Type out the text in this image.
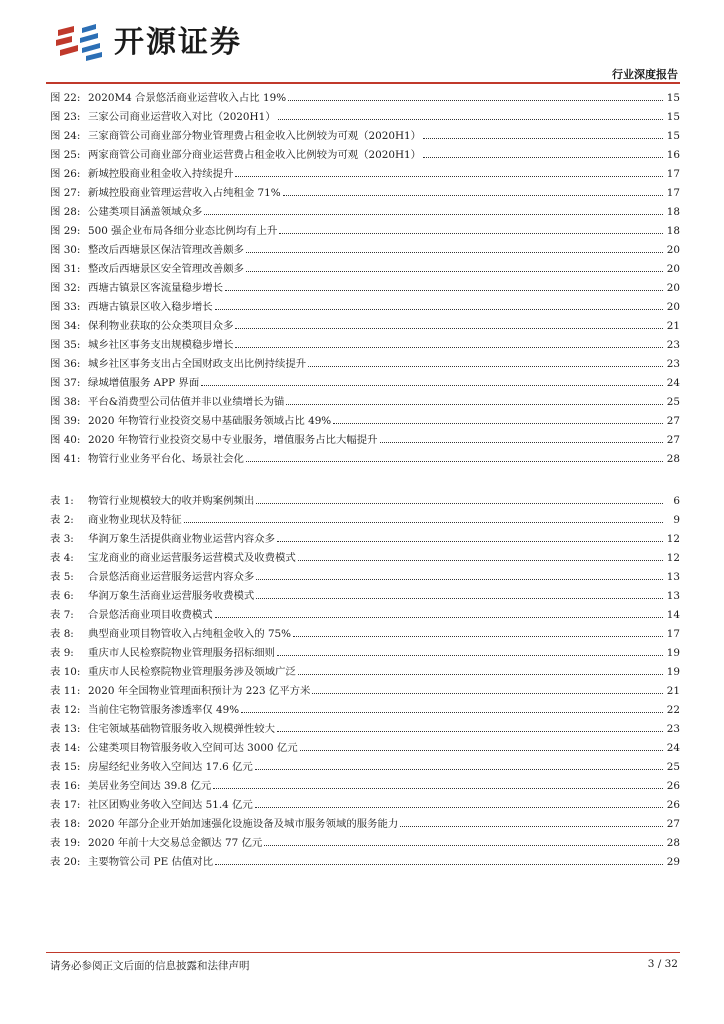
开源证券
行业深度报告
图 22: 2020M4 合景悠活商业运营收入占比 19%	15
图 23: 三家公司商业运营收入对比（2020H1）	15
图 24: 三家商管公司商业部分物业管理费占租金收入比例较为可观（2020H1）	15
图 25: 两家商管公司商业部分商业运营费占租金收入比例较为可观（2020H1）	16
图 26: 新城控股商业租金收入持续提升	17
图 27: 新城控股商业管理运营收入占纯租金 71%	17
图 28: 公建类项目涵盖领域众多	18
图 29: 500 强企业布局各细分业态比例均有上升	18
图 30: 整改后西塘景区保洁管理改善颇多	20
图 31: 整改后西塘景区安全管理改善颇多	20
图 32: 西塘古镇景区客流量稳步增长	20
图 33: 西塘古镇景区收入稳步增长	20
图 34: 保利物业获取的公众类项目众多	21
图 35: 城乡社区事务支出规模稳步增长	23
图 36: 城乡社区事务支出占全国财政支出比例持续提升	23
图 37: 绿城增值服务 APP 界面	24
图 38: 平台&消费型公司估值并非以业绩增长为锚	25
图 39: 2020 年物管行业投资交易中基础服务领域占比 49%	27
图 40: 2020 年物管行业投资交易中专业服务，增值服务占比大幅提升	27
图 41: 物管行业业务平台化、场景社会化	28
表 1:	物管行业规模较大的收并购案例频出	6
表 2:	商业物业现状及特征	9
表 3:	华润万象生活提供商业物业运营内容众多	12
表 4:	宝龙商业的商业运营服务运营模式及收费模式	12
表 5:	合景悠活商业运营服务运营内容众多	13
表 6:	华润万象生活商业运营服务收费模式	13
表 7:	合景悠活商业项目收费模式	14
表 8:	典型商业项目物管收入占纯租金收入的 75%	17
表 9:	重庆市人民检察院物业管理服务招标细则	19
表 10: 重庆市人民检察院物业管理服务涉及领域广泛	19
表 11: 2020 年全国物业管理面积预计为 223 亿平方米	21
表 12: 当前住宅物管服务渗透率仅 49%	22
表 13: 住宅领域基础物管服务收入规模弹性较大	23
表 14: 公建类项目物管服务收入空间可达 3000 亿元	24
表 15: 房屋经纪业务收入空间达 17.6 亿元	25
表 16: 美居业务空间达 39.8 亿元	26
表 17: 社区团购业务收入空间达 51.4 亿元	26
表 18: 2020 年部分企业开始加速强化设施设备及城市服务领域的服务能力	27
表 19: 2020 年前十大交易总金额达 77 亿元	28
表 20: 主要物管公司 PE 估值对比	29
请务必参阅正文后面的信息披露和法律声明	3 / 32
